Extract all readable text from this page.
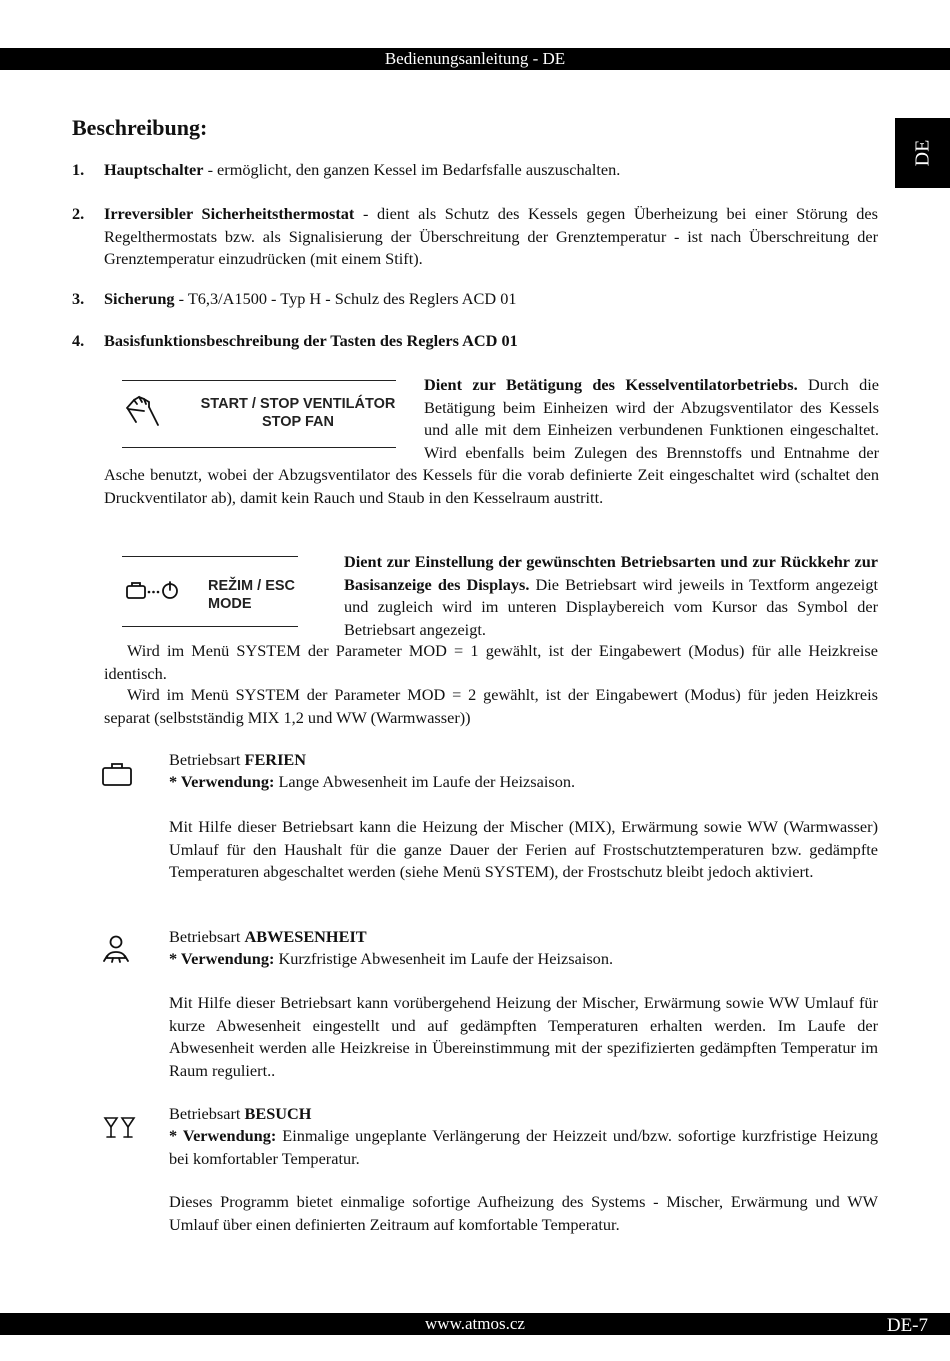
Bedienungsanleitung - DE
DE
Beschreibung:
1. Hauptschalter - ermöglicht, den ganzen Kessel im Bedarfsfalle auszuschalten.
2. Irreversibler Sicherheitsthermostat - dient als Schutz des Kessels gegen Überheizung bei einer Störung des Regelthermostats bzw. als Signalisierung der Überschreitung der Grenztemperatur - ist nach Überschreitung der Grenztemperatur einzudrücken (mit einem Stift).
3. Sicherung - T6,3/A1500 - Typ H - Schulz des Reglers ACD 01
4. Basisfunktionsbeschreibung der Tasten des Reglers ACD 01
START / STOP VENTILÁTOR
STOP FAN
Dient zur Betätigung des Kesselventilatorbetriebs. Durch die Betätigung beim Einheizen wird der Abzugsventilator des Kessels und alle mit dem Einheizen verbundenen Funktionen eingeschaltet. Wird ebenfalls beim Zulegen des Brennstoffs und Entnahme der Asche benutzt, wobei der Abzugsventilator des Kessels für die vorab definierte Zeit eingeschaltet wird (schaltet den Druckventilator ab), damit kein Rauch und Staub in den Kesselraum austritt.
REŽIM / ESC
MODE
Dient zur Einstellung der gewünschten Betriebsarten und zur Rückkehr zur Basisanzeige des Displays. Die Betriebsart wird jeweils in Textform angezeigt und zugleich wird im unteren Displaybereich vom Kursor das Symbol der Betriebsart angezeigt.
Wird im Menü SYSTEM der Parameter MOD = 1 gewählt, ist der Eingabewert (Modus) für alle Heizkreise identisch.
Wird im Menü SYSTEM der Parameter MOD = 2 gewählt, ist der Eingabewert (Modus) für jeden Heizkreis separat (selbstständig MIX 1,2 und WW (Warmwasser))
Betriebsart FERIEN
* Verwendung: Lange Abwesenheit im Laufe der Heizsaison.
Mit Hilfe dieser Betriebsart kann die Heizung der Mischer (MIX), Erwärmung sowie WW (Warmwasser) Umlauf für den Haushalt für die ganze Dauer der Ferien auf Frostschutztemperaturen bzw. gedämpfte Temperaturen abgeschaltet werden (siehe Menü SYSTEM), der Frostschutz bleibt jedoch aktiviert.
Betriebsart ABWESENHEIT
* Verwendung: Kurzfristige Abwesenheit im Laufe der Heizsaison.
Mit Hilfe dieser Betriebsart kann vorübergehend Heizung der Mischer, Erwärmung sowie WW Umlauf für kurze Abwesenheit eingestellt und auf gedämpften Temperaturen erhalten werden. Im Laufe der Abwesenheit werden alle Heizkreise in Übereinstimmung mit der spezifizierten gedämpften Temperatur im Raum reguliert..
Betriebsart BESUCH
* Verwendung: Einmalige ungeplante Verlängerung der Heizzeit und/bzw. sofortige kurzfristige Heizung bei komfortabler Temperatur.
Dieses Programm bietet einmalige sofortige Aufheizung des Systems - Mischer, Erwärmung und WW Umlauf über einen definierten Zeitraum auf komfortable Temperatur.
www.atmos.cz	DE-7
